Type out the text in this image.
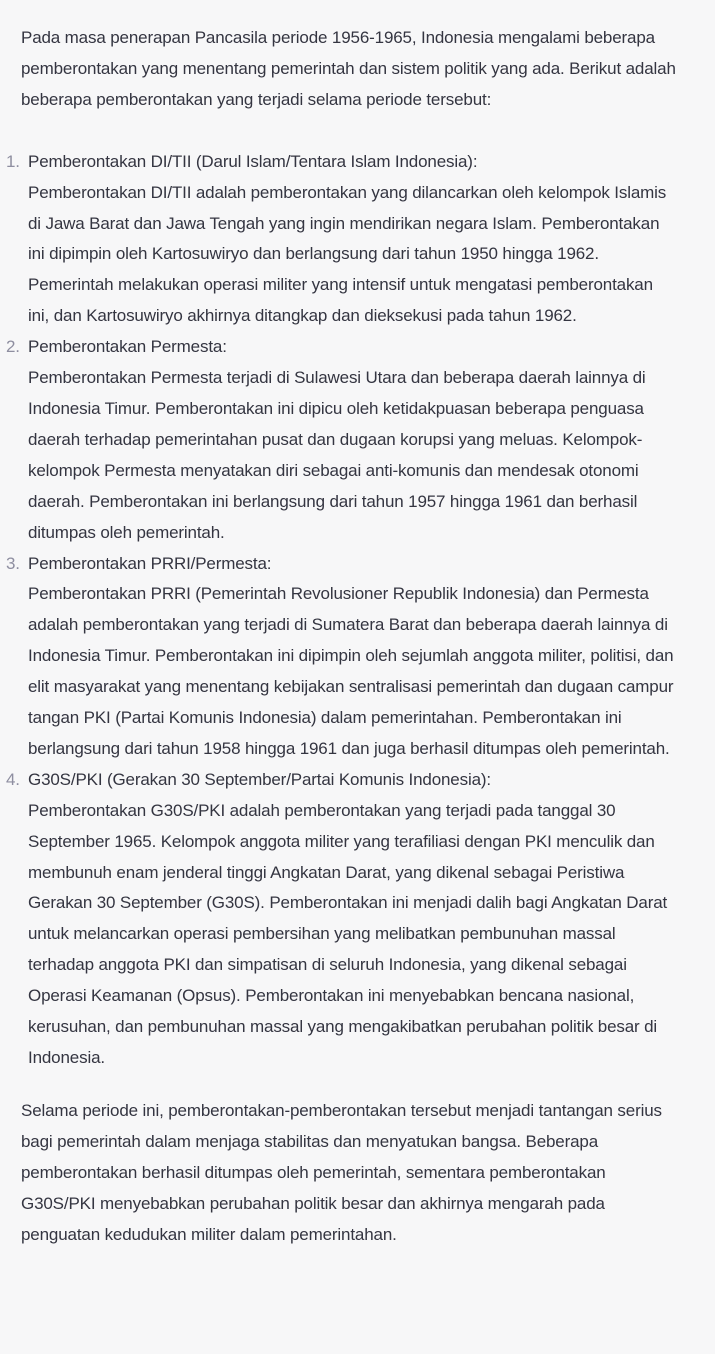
Pada masa penerapan Pancasila periode 1956-1965, Indonesia mengalami beberapa pemberontakan yang menentang pemerintah dan sistem politik yang ada. Berikut adalah beberapa pemberontakan yang terjadi selama periode tersebut:

1. Pemberontakan DI/TII (Darul Islam/Tentara Islam Indonesia):
Pemberontakan DI/TII adalah pemberontakan yang dilancarkan oleh kelompok Islamis di Jawa Barat dan Jawa Tengah yang ingin mendirikan negara Islam. Pemberontakan ini dipimpin oleh Kartosuwiryo dan berlangsung dari tahun 1950 hingga 1962. Pemerintah melakukan operasi militer yang intensif untuk mengatasi pemberontakan ini, dan Kartosuwiryo akhirnya ditangkap dan dieksekusi pada tahun 1962.
2. Pemberontakan Permesta:
Pemberontakan Permesta terjadi di Sulawesi Utara dan beberapa daerah lainnya di Indonesia Timur. Pemberontakan ini dipicu oleh ketidakpuasan beberapa penguasa daerah terhadap pemerintahan pusat dan dugaan korupsi yang meluas. Kelompok-kelompok Permesta menyatakan diri sebagai anti-komunis dan mendesak otonomi daerah. Pemberontakan ini berlangsung dari tahun 1957 hingga 1961 dan berhasil ditumpas oleh pemerintah.
3. Pemberontakan PRRI/Permesta:
Pemberontakan PRRI (Pemerintah Revolusioner Republik Indonesia) dan Permesta adalah pemberontakan yang terjadi di Sumatera Barat dan beberapa daerah lainnya di Indonesia Timur. Pemberontakan ini dipimpin oleh sejumlah anggota militer, politisi, dan elit masyarakat yang menentang kebijakan sentralisasi pemerintah dan dugaan campur tangan PKI (Partai Komunis Indonesia) dalam pemerintahan. Pemberontakan ini berlangsung dari tahun 1958 hingga 1961 dan juga berhasil ditumpas oleh pemerintah.
4. G30S/PKI (Gerakan 30 September/Partai Komunis Indonesia):
Pemberontakan G30S/PKI adalah pemberontakan yang terjadi pada tanggal 30 September 1965. Kelompok anggota militer yang terafiliasi dengan PKI menculik dan membunuh enam jenderal tinggi Angkatan Darat, yang dikenal sebagai Peristiwa Gerakan 30 September (G30S). Pemberontakan ini menjadi dalih bagi Angkatan Darat untuk melancarkan operasi pembersihan yang melibatkan pembunuhan massal terhadap anggota PKI dan simpatisan di seluruh Indonesia, yang dikenal sebagai Operasi Keamanan (Opsus). Pemberontakan ini menyebabkan bencana nasional, kerusuhan, dan pembunuhan massal yang mengakibatkan perubahan politik besar di Indonesia.

Selama periode ini, pemberontakan-pemberontakan tersebut menjadi tantangan serius bagi pemerintah dalam menjaga stabilitas dan menyatukan bangsa. Beberapa pemberontakan berhasil ditumpas oleh pemerintah, sementara pemberontakan G30S/PKI menyebabkan perubahan politik besar dan akhirnya mengarah pada penguatan kedudukan militer dalam pemerintahan.
